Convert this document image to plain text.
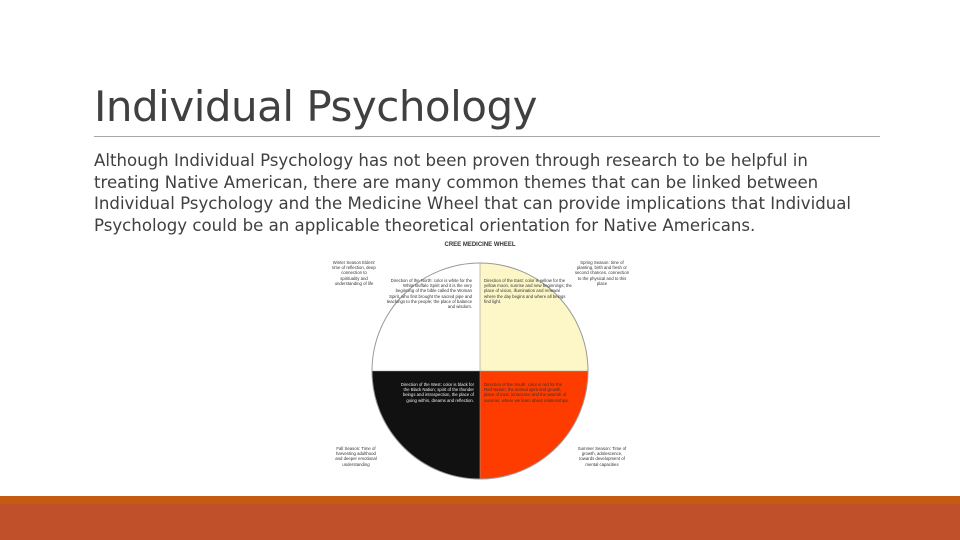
Individual Psychology
Although Individual Psychology has not been proven through research to be helpful in treating Native American, there are many common themes that can be linked between Individual Psychology and the Medicine Wheel that can provide implications that Individual Psychology could be an applicable theoretical orientation for Native Americans.
CREE MEDICINE WHEEL
Winter Season Elders' time of reflection, deep connection to spirituality and understanding of life
Spring Season: time of planting, birth and fresh or second chances, connection to the physical and to this place
Fall Season: Time of harvesting adulthood and deeper emotional understanding
Summer Season: Time of growth, adolescence, towards development of mental capacities
Direction of the North: color is white for the White Buffalo Spirit and it is the very beginning of the bible called the Woman Spirit, who first brought the sacred pipe and teachings to the people; the place of balance and wisdom.
Direction of the East: color is yellow for the yellow moon, sunrise and new beginnings; the place of vision, illumination and renewal where the day begins and where all beings find light.
Direction of the West: color is black for the Black Nation; spirit of the thunder beings and introspection, the place of going within, dreams and reflection.
Direction of the South: color is red for the Red Nation; the animal spirit and growth, place of trust, innocence and the warmth of summer, where we learn about relationships.
